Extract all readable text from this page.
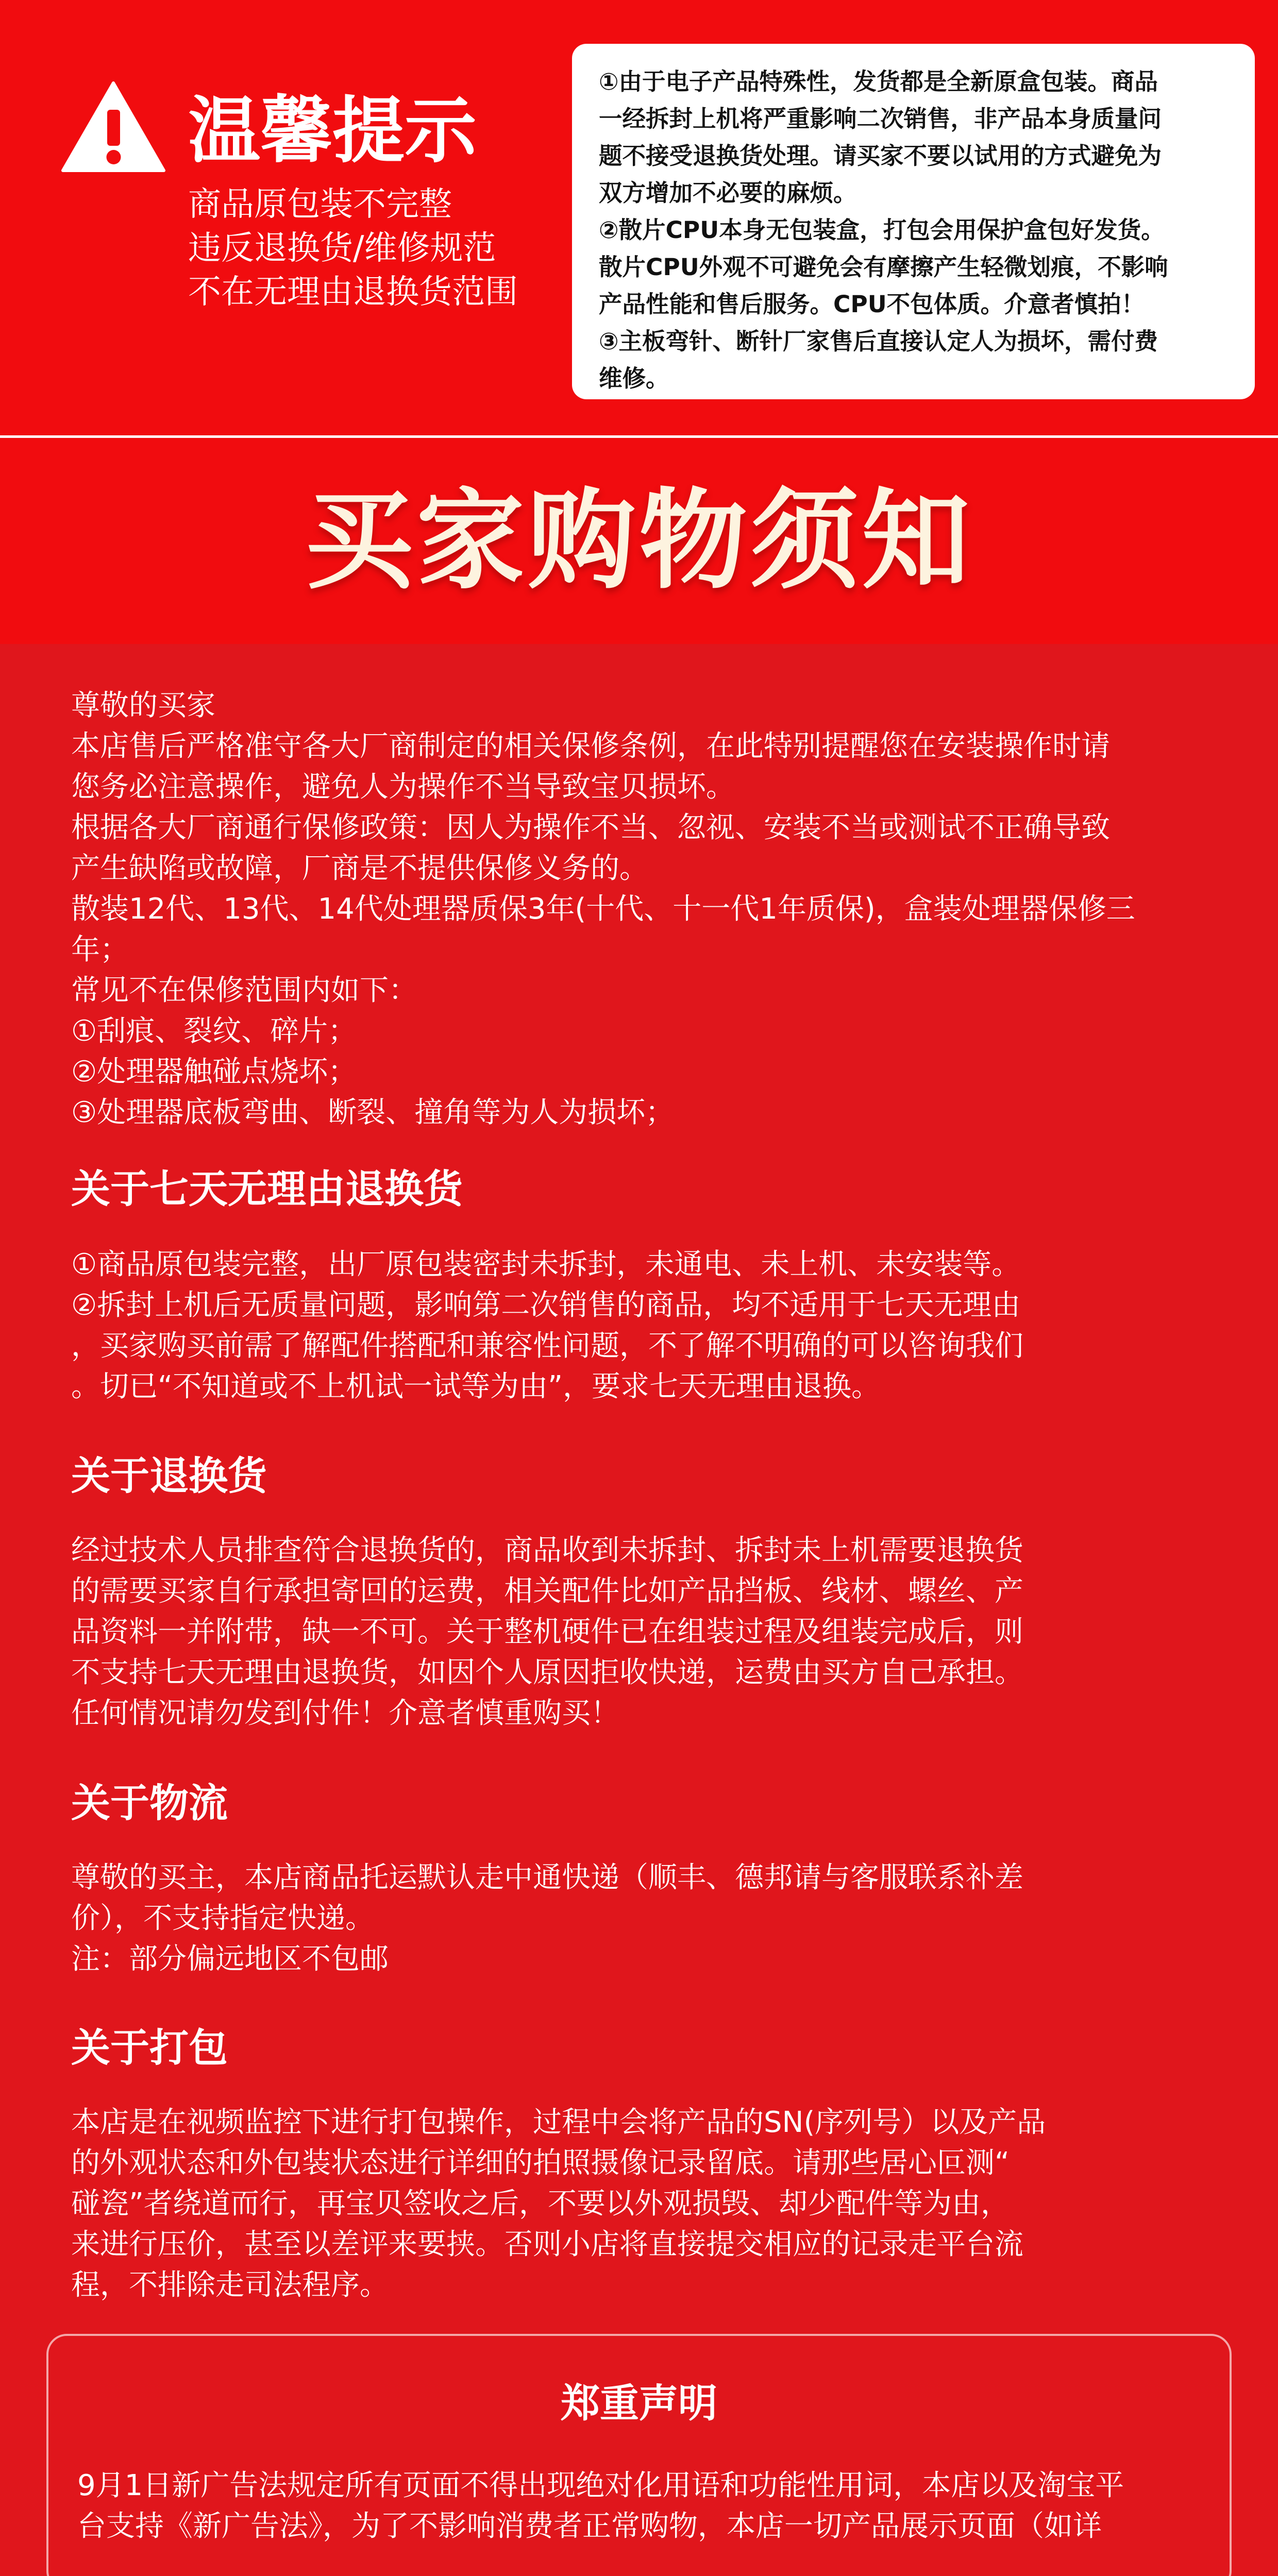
温馨提示
商品原包装不完整
违反退换货/维修规范
不在无理由退换货范围
①由于电子产品特殊性，发货都是全新原盒包装。商品
一经拆封上机将严重影响二次销售，非产品本身质量问
题不接受退换货处理。请买家不要以试用的方式避免为
双方增加不必要的麻烦。
②散片CPU本身无包装盒，打包会用保护盒包好发货。
散片CPU外观不可避免会有摩擦产生轻微划痕，不影响
产品性能和售后服务。CPU不包体质。介意者慎拍！
③主板弯针、断针厂家售后直接认定人为损坏，需付费
维修。
买家购物须知
尊敬的买家
本店售后严格准守各大厂商制定的相关保修条例，在此特别提醒您在安装操作时请
您务必注意操作，避免人为操作不当导致宝贝损坏。
根据各大厂商通行保修政策：因人为操作不当、忽视、安装不当或测试不正确导致
产生缺陷或故障，厂商是不提供保修义务的。
散装12代、13代、14代处理器质保3年(十代、十一代1年质保)，盒装处理器保修三
年；
常见不在保修范围内如下：
①刮痕、裂纹、碎片；
②处理器触碰点烧坏；
③处理器底板弯曲、断裂、撞角等为人为损坏；
关于七天无理由退换货
①商品原包装完整，出厂原包装密封未拆封，未通电、未上机、未安装等。
②拆封上机后无质量问题，影响第二次销售的商品，均不适用于七天无理由
，买家购买前需了解配件搭配和兼容性问题，不了解不明确的可以咨询我们
。切已“不知道或不上机试一试等为由”，要求七天无理由退换。
关于退换货
经过技术人员排查符合退换货的，商品收到未拆封、拆封未上机需要退换货
的需要买家自行承担寄回的运费，相关配件比如产品挡板、线材、螺丝、产
品资料一并附带，缺一不可。关于整机硬件已在组装过程及组装完成后，则
不支持七天无理由退换货，如因个人原因拒收快递，运费由买方自己承担。
任何情况请勿发到付件！介意者慎重购买！
关于物流
尊敬的买主，本店商品托运默认走中通快递（顺丰、德邦请与客服联系补差
价），不支持指定快递。
注：部分偏远地区不包邮
关于打包
本店是在视频监控下进行打包操作，过程中会将产品的SN(序列号）以及产品
的外观状态和外包装状态进行详细的拍照摄像记录留底。请那些居心叵测“
碰瓷”者绕道而行，再宝贝签收之后，不要以外观损毁、却少配件等为由，
来进行压价，甚至以差评来要挟。否则小店将直接提交相应的记录走平台流
程，不排除走司法程序。
郑重声明
9月1日新广告法规定所有页面不得出现绝对化用语和功能性用词，本店以及淘宝平
台支持《新广告法》，为了不影响消费者正常购物，本店一切产品展示页面（如详
